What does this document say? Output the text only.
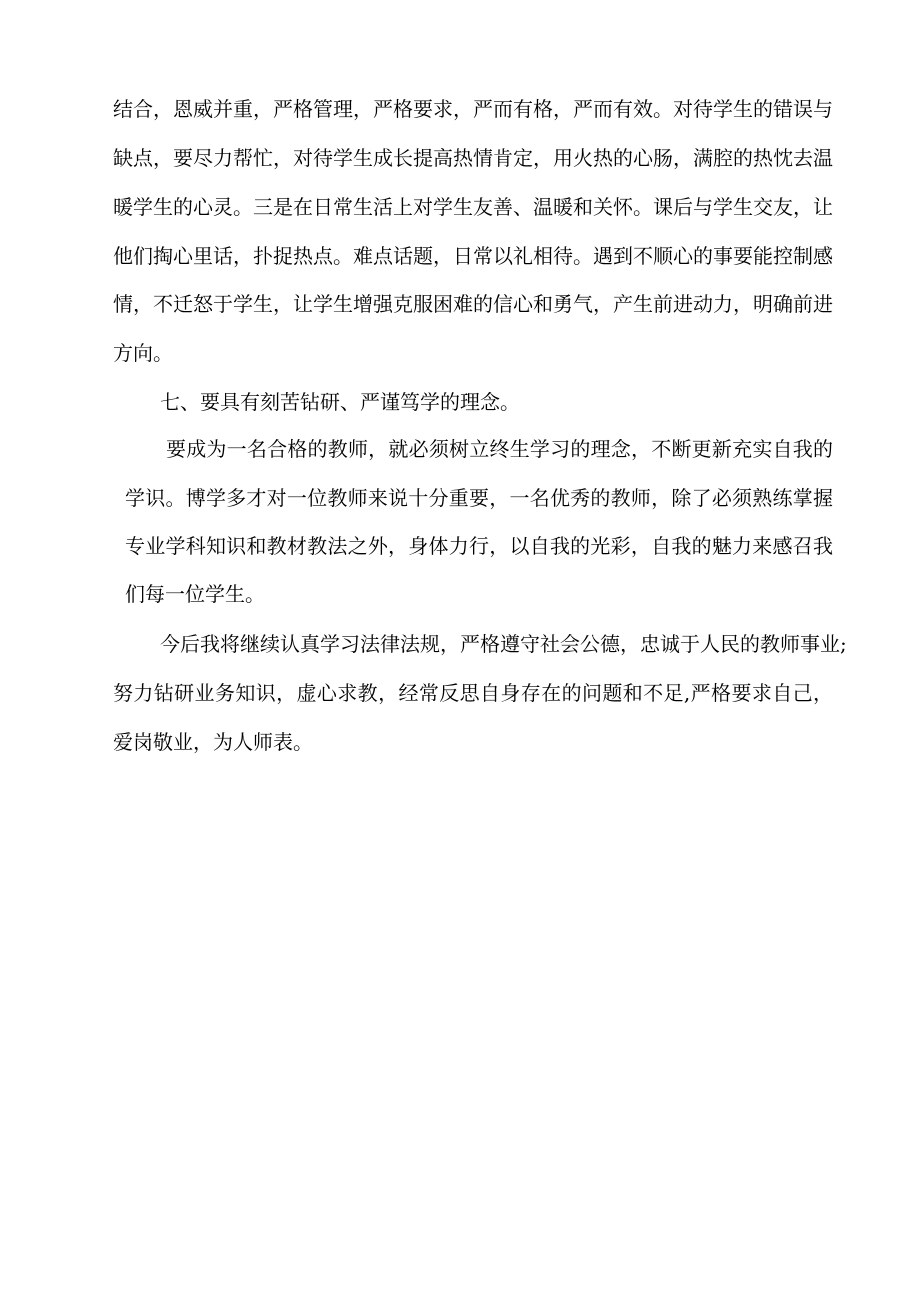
结合，恩威并重，严格管理，严格要求，严而有格，严而有效。对待学生的错误与
缺点，要尽力帮忙，对待学生成长提高热情肯定，用火热的心肠，满腔的热忱去温
暖学生的心灵。三是在日常生活上对学生友善、温暖和关怀。课后与学生交友，让
他们掏心里话，扑捉热点。难点话题，日常以礼相待。遇到不顺心的事要能控制感
情，不迁怒于学生，让学生增强克服困难的信心和勇气，产生前进动力，明确前进
方向。
七、要具有刻苦钻研、严谨笃学的理念。
要成为一名合格的教师，就必须树立终生学习的理念，不断更新充实自我的
学识。博学多才对一位教师来说十分重要，一名优秀的教师，除了必须熟练掌握
专业学科知识和教材教法之外，身体力行，以自我的光彩，自我的魅力来感召我
们每一位学生。
今后我将继续认真学习法律法规，严格遵守社会公德，忠诚于人民的教师事业;
努力钻研业务知识，虚心求教，经常反思自身存在的问题和不足,严格要求自己，
爱岗敬业，为人师表。
